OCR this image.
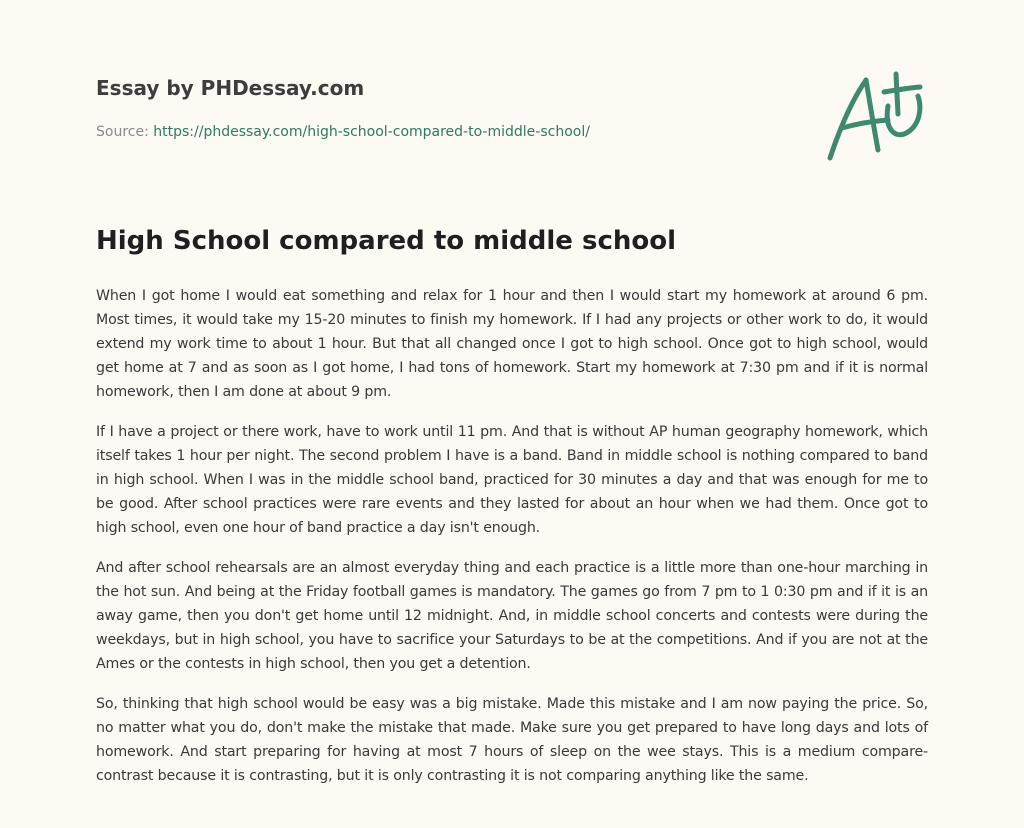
Essay by PHDessay.com
Source: https://phdessay.com/high-school-compared-to-middle-school/
High School compared to middle school

When I got home I would eat something and relax for 1 hour and then I would start my homework at around 6 pm. Most times, it would take my 15-20 minutes to finish my homework. If I had any projects or other work to do, it would extend my work time to about 1 hour. But that all changed once I got to high school. Once got to high school, would get home at 7 and as soon as I got home, I had tons of homework. Start my homework at 7:30 pm and if it is normal homework, then I am done at about 9 pm.

If I have a project or there work, have to work until 11 pm. And that is without AP human geography homework, which itself takes 1 hour per night. The second problem I have is a band. Band in middle school is nothing compared to band in high school. When I was in the middle school band, practiced for 30 minutes a day and that was enough for me to be good. After school practices were rare events and they lasted for about an hour when we had them. Once got to high school, even one hour of band practice a day isn't enough.

And after school rehearsals are an almost everyday thing and each practice is a little more than one-hour marching in the hot sun. And being at the Friday football games is mandatory. The games go from 7 pm to 1 0:30 pm and if it is an away game, then you don't get home until 12 midnight. And, in middle school concerts and contests were during the weekdays, but in high school, you have to sacrifice your Saturdays to be at the competitions. And if you are not at the Ames or the contests in high school, then you get a detention.

So, thinking that high school would be easy was a big mistake. Made this mistake and I am now paying the price. So, no matter what you do, don't make the mistake that made. Make sure you get prepared to have long days and lots of homework. And start preparing for having at most 7 hours of sleep on the wee stays. This is a medium compare-contrast because it is contrasting, but it is only contrasting it is not comparing anything like the same.
